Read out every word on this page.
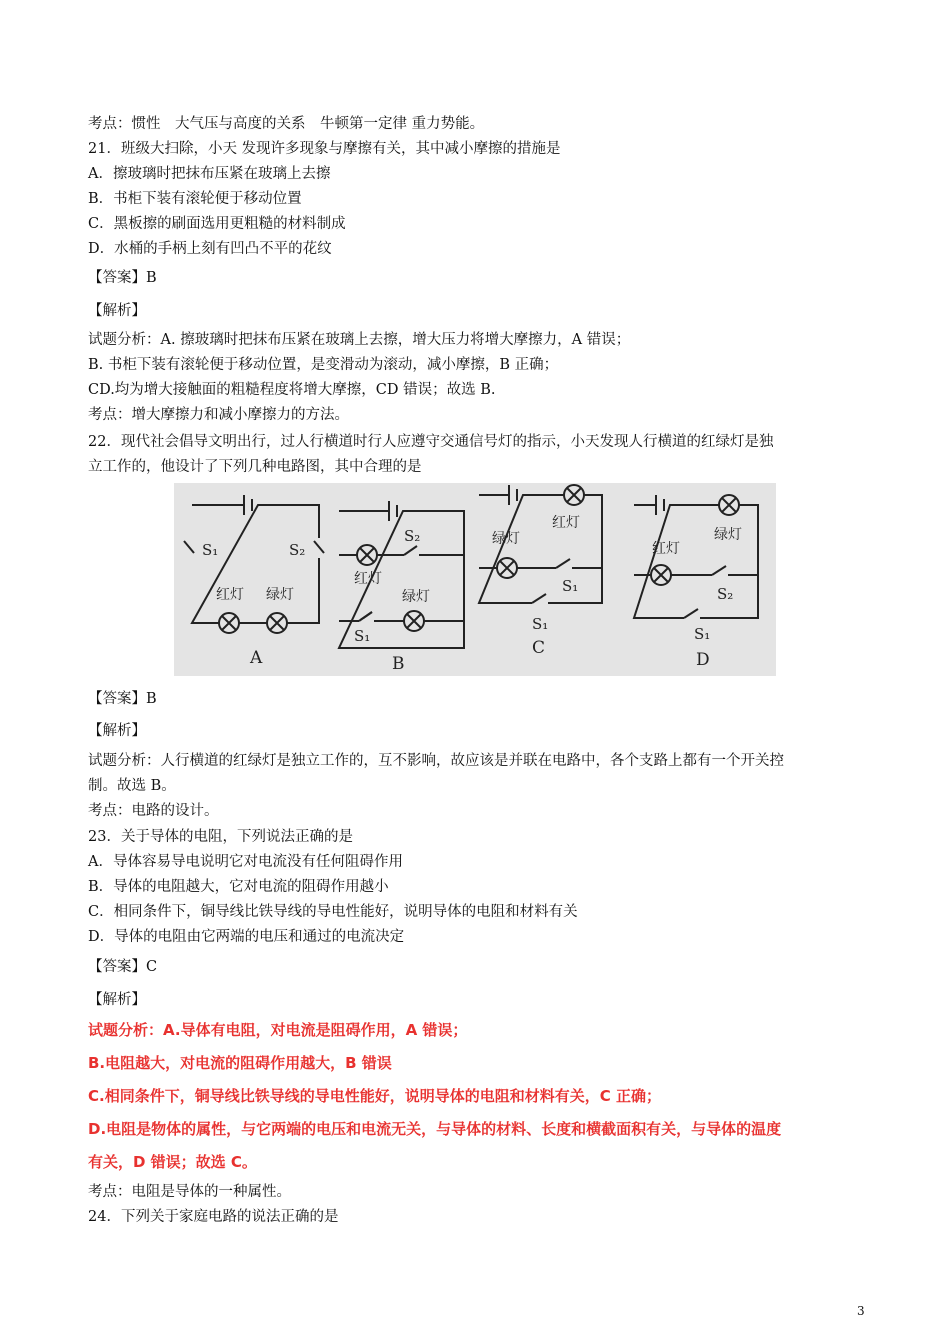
考点：惯性　大气压与高度的关系　牛顿第一定律 重力势能。
21．班级大扫除，小天 发现许多现象与摩擦有关，其中减小摩擦的措施是
A．擦玻璃时把抹布压紧在玻璃上去擦
B．书柜下装有滚轮便于移动位置
C．黑板擦的刷面选用更粗糙的材料制成
D．水桶的手柄上刻有凹凸不平的花纹
【答案】B
【解析】
试题分析：A. 擦玻璃时把抹布压紧在玻璃上去擦，增大压力将增大摩擦力，A 错误；
B. 书柜下装有滚轮便于移动位置，是变滑动为滚动，减小摩擦，B 正确；
CD.均为增大接触面的粗糙程度将增大摩擦，CD 错误；故选 B.
考点：增大摩擦力和减小摩擦力的方法。
22．现代社会倡导文明出行，过人行横道时行人应遵守交通信号灯的指示，小天发现人行横道的红绿灯是独
立工作的，他设计了下列几种电路图，其中合理的是
S₁	S₂
红灯 绿灯
A
S₂
红灯
绿灯
S₁
B
绿灯
红灯
S₁
S₁
C
红灯
绿灯
S₂
S₁
D
【答案】B
【解析】
试题分析：人行横道的红绿灯是独立工作的，互不影响，故应该是并联在电路中，各个支路上都有一个开关控
制。故选 B。
考点：电路的设计。
23．关于导体的电阻，下列说法正确的是
A．导体容易导电说明它对电流没有任何阻碍作用
B．导体的电阻越大，它对电流的阻碍作用越小
C．相同条件下，铜导线比铁导线的导电性能好，说明导体的电阻和材料有关
D．导体的电阻由它两端的电压和通过的电流决定
【答案】C
【解析】
试题分析：A.导体有电阻，对电流是阻碍作用，A 错误；
B.电阻越大，对电流的阻碍作用越大，B 错误
C.相同条件下，铜导线比铁导线的导电性能好，说明导体的电阻和材料有关，C 正确；
D.电阻是物体的属性，与它两端的电压和电流无关，与导体的材料、长度和横截面积有关，与导体的温度
有关，D 错误；故选 C。
考点：电阻是导体的一种属性。
24．下列关于家庭电路的说法正确的是
3
